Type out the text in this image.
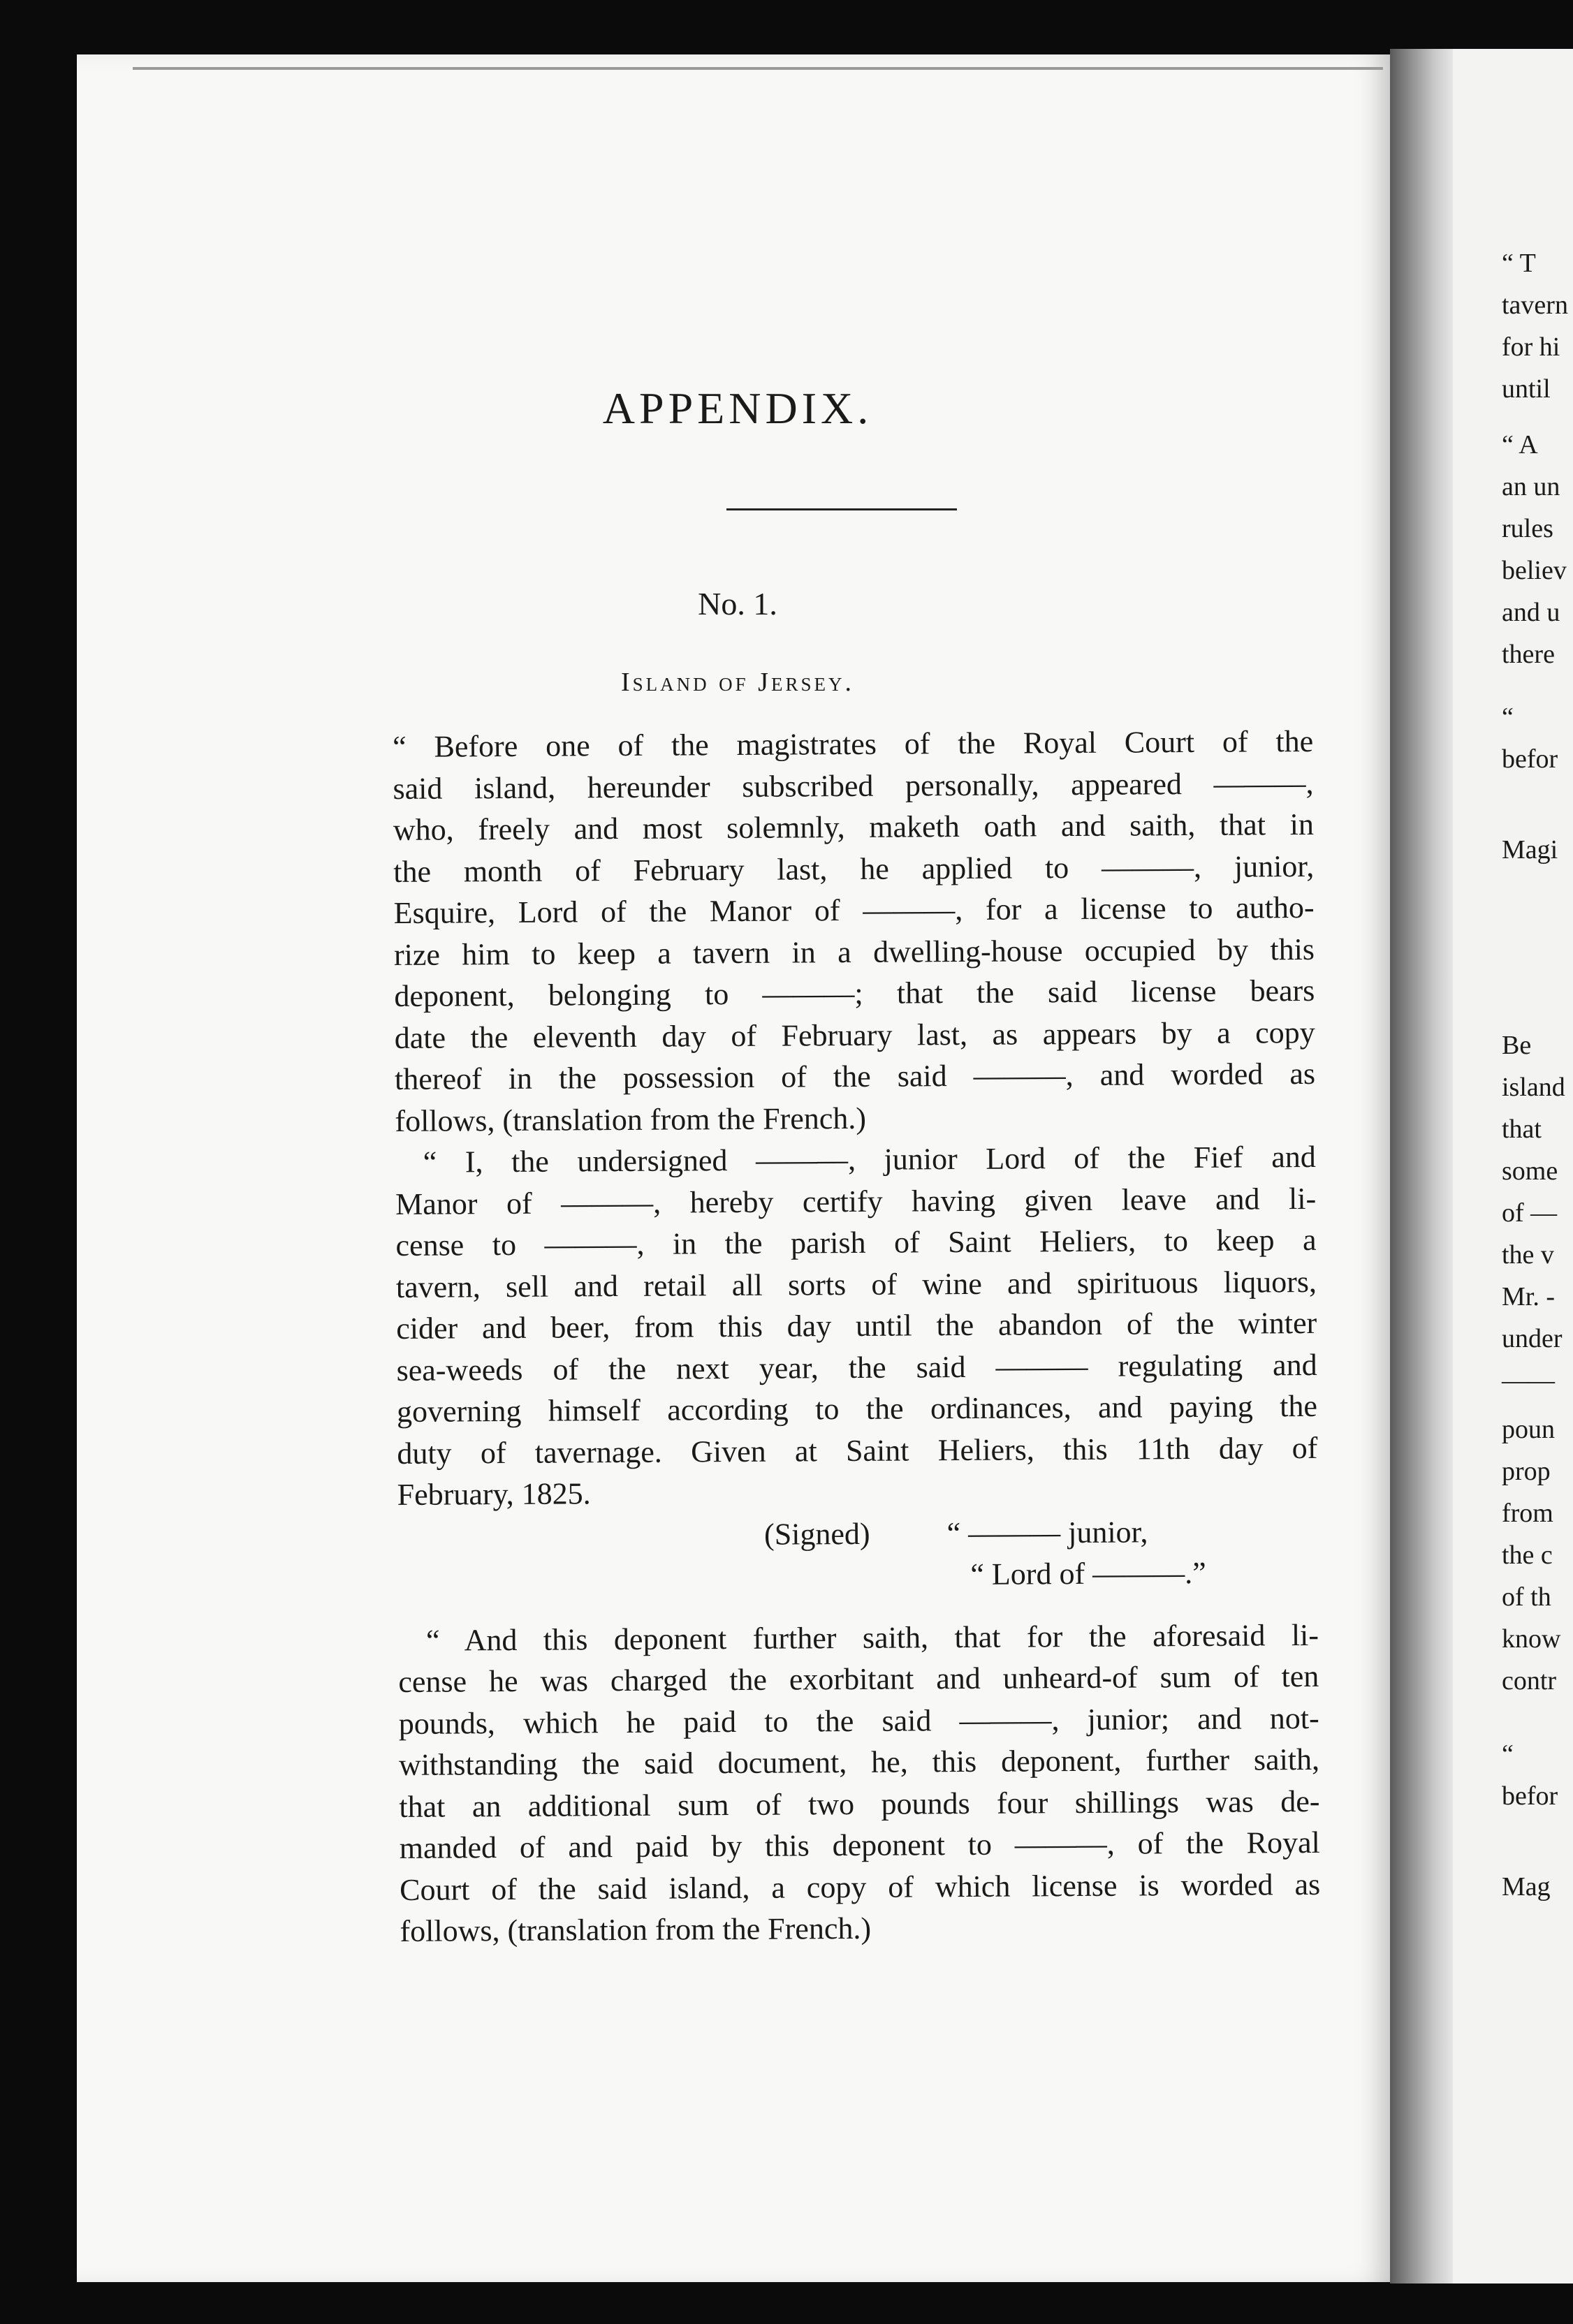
“ T
tavern
for hi
until
“ A
an un
rules
believ
and u
there
“
befor
Magi
Be
island
that
some
of —
the v
Mr. -
under
——
poun
prop
from
the c
of th
know
contr
“
befor
Mag
APPENDIX.
No. 1.
Island of Jersey.
“ Before one of the magistrates of the Royal Court of the
said island, hereunder subscribed personally, appeared ———,
who, freely and most solemnly, maketh oath and saith, that in
the month of February last, he applied to ———, junior,
Esquire, Lord of the Manor of ———, for a license to autho-
rize him to keep a tavern in a dwelling-house occupied by this
deponent, belonging to ———; that the said license bears
date the eleventh day of February last, as appears by a copy
thereof in the possession of the said ———, and worded as
follows, (translation from the French.)
“ I, the undersigned ———, junior Lord of the Fief and
Manor of ———, hereby certify having given leave and li-
cense to ———, in the parish of Saint Heliers, to keep a
tavern, sell and retail all sorts of wine and spirituous liquors,
cider and beer, from this day until the abandon of the winter
sea-weeds of the next year, the said ——— regulating and
governing himself according to the ordinances, and paying the
duty of tavernage. Given at Saint Heliers, this 11th day of
February, 1825.
(Signed)          “ ——— junior,
“ Lord of ———.”
“ And this deponent further saith, that for the aforesaid li-
cense he was charged the exorbitant and unheard-of sum of ten
pounds, which he paid to the said ———, junior; and not-
withstanding the said document, he, this deponent, further saith,
that an additional sum of two pounds four shillings was de-
manded of and paid by this deponent to ———, of the Royal
Court of the said island, a copy of which license is worded as
follows, (translation from the French.)
